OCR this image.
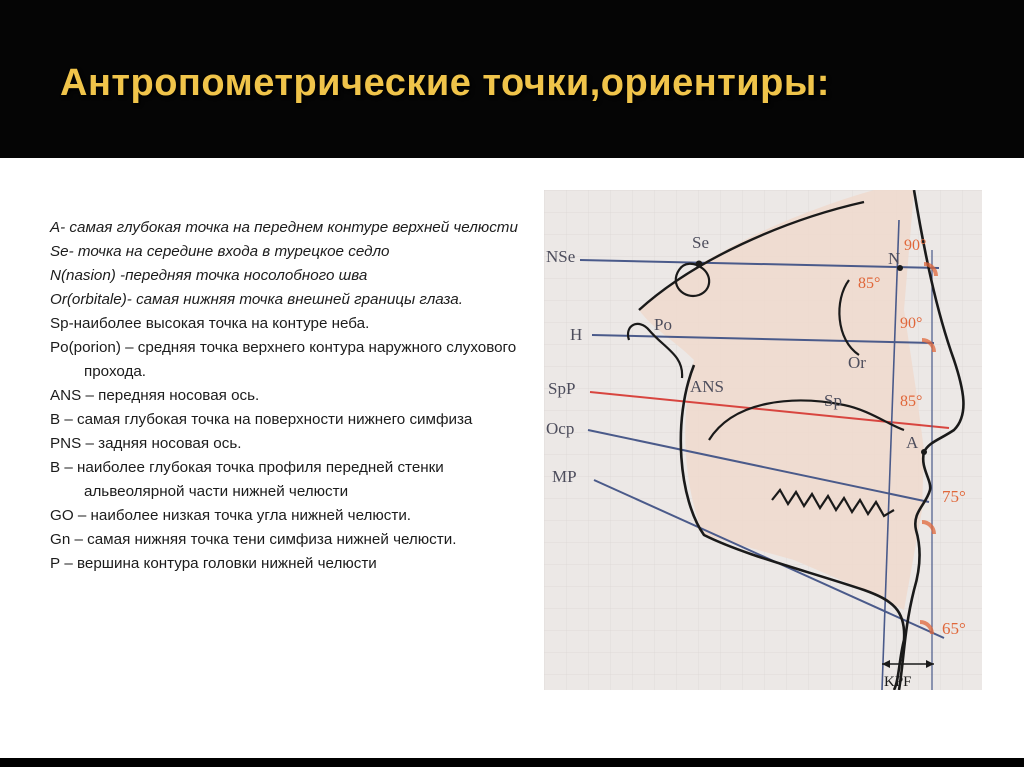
Антропометрические точки,ориентиры:
А- самая глубокая точка на переднем контуре верхней челюсти
Se- точка на середине входа в турецкое седло
N(nasion) -передняя точка носолобного шва
Or(orbitale)- самая нижняя точка внешней границы глаза.
Sp-наиболее высокая точка на контуре неба.
Po(porion) – средняя точка верхнего контура наружного слухового прохода.
ANS – передняя носовая ось.
В – самая глубокая точка на поверхности нижнего симфиза
PNS – задняя носовая ось.
В – наиболее глубокая точка профиля передней стенки альвеолярной части нижней челюсти
GO – наиболее низкая точка угла нижней челюсти.
Gn – самая нижняя точка тени симфиза нижней челюсти.
Р – вершина контура головки нижней челюсти
NSe
H
SpP
Ocp
MP
Se
N
Po
Or
ANS
Sp
A
90°
85°
90°
85°
75°
65°
KPF
